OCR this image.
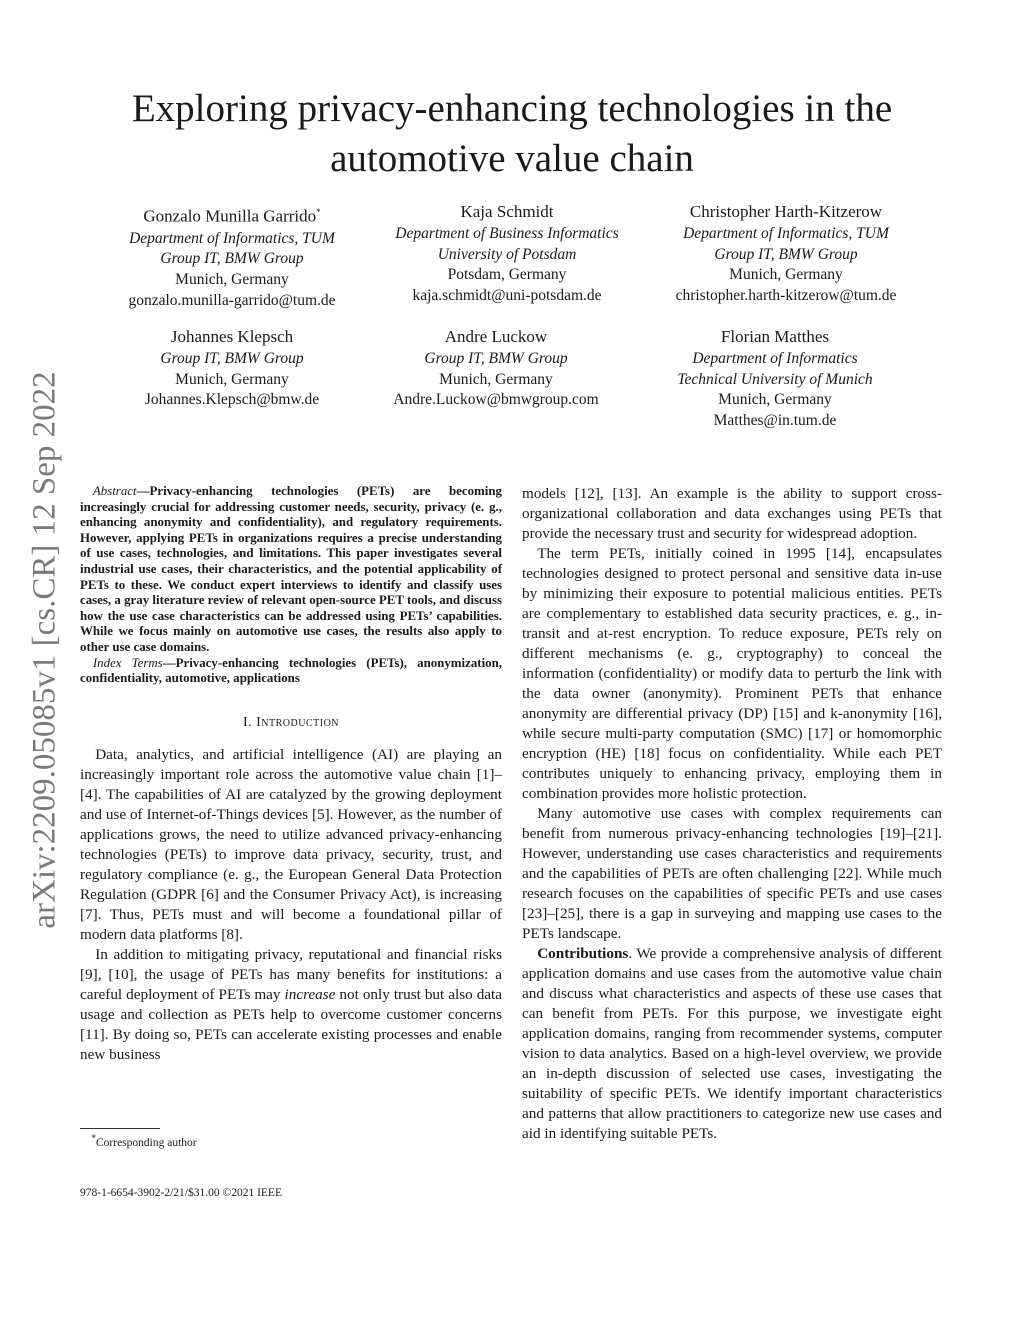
arXiv:2209.05085v1 [cs.CR] 12 Sep 2022
Exploring privacy-enhancing technologies in the automotive value chain
Gonzalo Munilla Garrido*
Department of Informatics, TUM
Group IT, BMW Group
Munich, Germany
gonzalo.munilla-garrido@tum.de
Kaja Schmidt
Department of Business Informatics
University of Potsdam
Potsdam, Germany
kaja.schmidt@uni-potsdam.de
Christopher Harth-Kitzerow
Department of Informatics, TUM
Group IT, BMW Group
Munich, Germany
christopher.harth-kitzerow@tum.de
Johannes Klepsch
Group IT, BMW Group
Munich, Germany
Johannes.Klepsch@bmw.de
Andre Luckow
Group IT, BMW Group
Munich, Germany
Andre.Luckow@bmwgroup.com
Florian Matthes
Department of Informatics
Technical University of Munich
Munich, Germany
Matthes@in.tum.de

Abstract—Privacy-enhancing technologies (PETs) are becoming increasingly crucial for addressing customer needs, security, privacy (e. g., enhancing anonymity and confidentiality), and regulatory requirements. However, applying PETs in organizations requires a precise understanding of use cases, technologies, and limitations. This paper investigates several industrial use cases, their characteristics, and the potential applicability of PETs to these. We conduct expert interviews to identify and classify uses cases, a gray literature review of relevant open-source PET tools, and discuss how the use case characteristics can be addressed using PETs’ capabilities. While we focus mainly on automotive use cases, the results also apply to other use case domains.

Index Terms—Privacy-enhancing technologies (PETs), anonymization, confidentiality, automotive, applications

I. Introduction

Data, analytics, and artificial intelligence (AI) are playing an increasingly important role across the automotive value chain [1]–[4]. The capabilities of AI are catalyzed by the growing deployment and use of Internet-of-Things devices [5]. However, as the number of applications grows, the need to utilize advanced privacy-enhancing technologies (PETs) to improve data privacy, security, trust, and regulatory compliance (e. g., the European General Data Protection Regulation (GDPR [6] and the Consumer Privacy Act), is increasing [7]. Thus, PETs must and will become a foundational pillar of modern data platforms [8].

In addition to mitigating privacy, reputational and financial risks [9], [10], the usage of PETs has many benefits for institutions: a careful deployment of PETs may increase not only trust but also data usage and collection as PETs help to overcome customer concerns [11]. By doing so, PETs can accelerate existing processes and enable new business

models [12], [13]. An example is the ability to support cross-organizational collaboration and data exchanges using PETs that provide the necessary trust and security for widespread adoption.

The term PETs, initially coined in 1995 [14], encapsulates technologies designed to protect personal and sensitive data in-use by minimizing their exposure to potential malicious entities. PETs are complementary to established data security practices, e. g., in-transit and at-rest encryption. To reduce exposure, PETs rely on different mechanisms (e. g., cryptography) to conceal the information (confidentiality) or modify data to perturb the link with the data owner (anonymity). Prominent PETs that enhance anonymity are differential privacy (DP) [15] and k-anonymity [16], while secure multi-party computation (SMC) [17] or homomorphic encryption (HE) [18] focus on confidentiality. While each PET contributes uniquely to enhancing privacy, employing them in combination provides more holistic protection.

Many automotive use cases with complex requirements can benefit from numerous privacy-enhancing technologies [19]–[21]. However, understanding use cases characteristics and requirements and the capabilities of PETs are often challenging [22]. While much research focuses on the capabilities of specific PETs and use cases [23]–[25], there is a gap in surveying and mapping use cases to the PETs landscape.

Contributions. We provide a comprehensive analysis of different application domains and use cases from the automotive value chain and discuss what characteristics and aspects of these use cases that can benefit from PETs. For this purpose, we investigate eight application domains, ranging from recommender systems, computer vision to data analytics. Based on a high-level overview, we provide an in-depth discussion of selected use cases, investigating the suitability of specific PETs. We identify important characteristics and patterns that allow practitioners to categorize new use cases and aid in identifying suitable PETs.

*Corresponding author
978-1-6654-3902-2/21/$31.00 ©2021 IEEE
